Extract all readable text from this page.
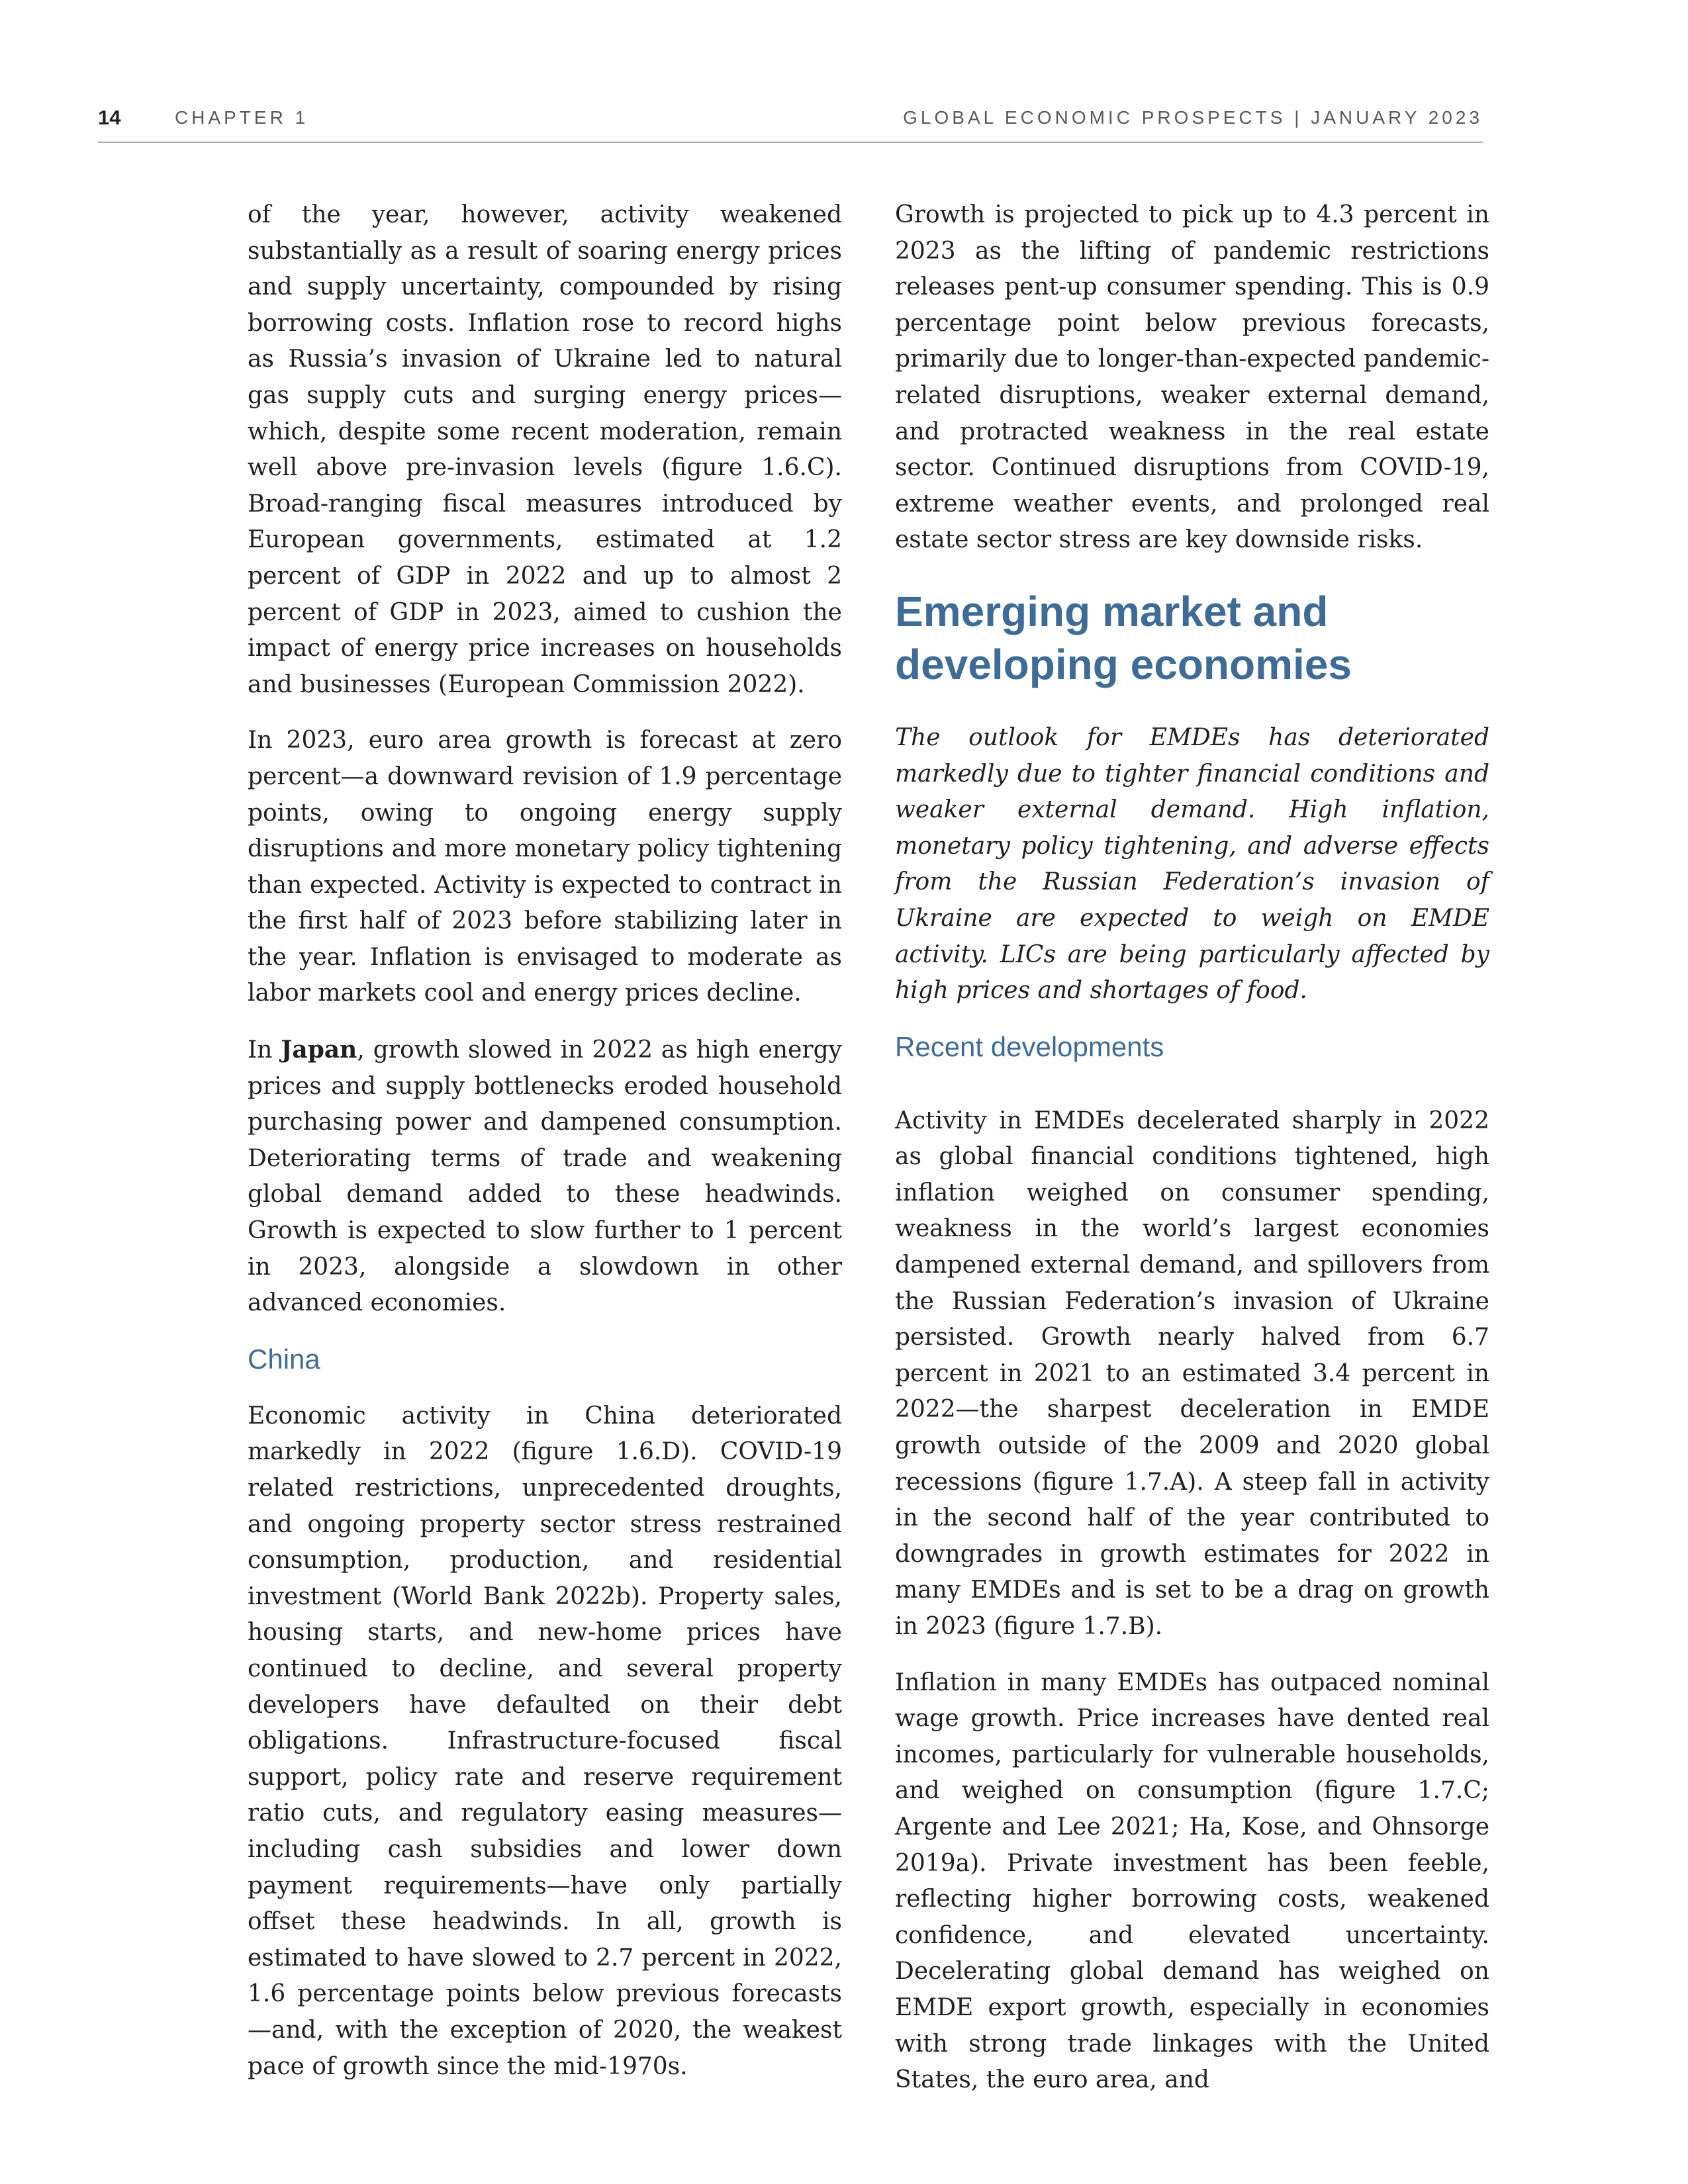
14	CHAPTER 1	GLOBAL ECONOMIC PROSPECTS | JANUARY 2023

of the year, however, activity weakened substantially as a result of soaring energy prices and supply uncertainty, compounded by rising borrowing costs. Inflation rose to record highs as Russia’s invasion of Ukraine led to natural gas supply cuts and surging energy prices—which, despite some recent moderation, remain well above pre-invasion levels (figure 1.6.C). Broad-ranging fiscal measures introduced by European governments, estimated at 1.2 percent of GDP in 2022 and up to almost 2 percent of GDP in 2023, aimed to cushion the impact of energy price increases on households and businesses (European Commission 2022).

In 2023, euro area growth is forecast at zero percent—a downward revision of 1.9 percentage points, owing to ongoing energy supply disruptions and more monetary policy tightening than expected. Activity is expected to contract in the first half of 2023 before stabilizing later in the year. Inflation is envisaged to moderate as labor markets cool and energy prices decline.

In Japan, growth slowed in 2022 as high energy prices and supply bottlenecks eroded household purchasing power and dampened consumption. Deteriorating terms of trade and weakening global demand added to these headwinds. Growth is expected to slow further to 1 percent in 2023, alongside a slowdown in other advanced economies.

China

Economic activity in China deteriorated markedly in 2022 (figure 1.6.D). COVID-19 related restrictions, unprecedented droughts, and ongoing property sector stress restrained consumption, production, and residential investment (World Bank 2022b). Property sales, housing starts, and new-home prices have continued to decline, and several property developers have defaulted on their debt obligations. Infrastructure-focused fiscal support, policy rate and reserve requirement ratio cuts, and regulatory easing measures—including cash subsidies and lower down payment requirements—have only partially offset these headwinds. In all, growth is estimated to have slowed to 2.7 percent in 2022, 1.6 percentage points below previous forecasts—and, with the exception of 2020, the weakest pace of growth since the mid-1970s.

Growth is projected to pick up to 4.3 percent in 2023 as the lifting of pandemic restrictions releases pent-up consumer spending. This is 0.9 percentage point below previous forecasts, primarily due to longer-than-expected pandemic-related disruptions, weaker external demand, and protracted weakness in the real estate sector. Continued disruptions from COVID-19, extreme weather events, and prolonged real estate sector stress are key downside risks.

Emerging market and developing economies

The outlook for EMDEs has deteriorated markedly due to tighter financial conditions and weaker external demand. High inflation, monetary policy tightening, and adverse effects from the Russian Federation’s invasion of Ukraine are expected to weigh on EMDE activity. LICs are being particularly affected by high prices and shortages of food.

Recent developments

Activity in EMDEs decelerated sharply in 2022 as global financial conditions tightened, high inflation weighed on consumer spending, weakness in the world’s largest economies dampened external demand, and spillovers from the Russian Federation’s invasion of Ukraine persisted. Growth nearly halved from 6.7 percent in 2021 to an estimated 3.4 percent in 2022—the sharpest deceleration in EMDE growth outside of the 2009 and 2020 global recessions (figure 1.7.A). A steep fall in activity in the second half of the year contributed to downgrades in growth estimates for 2022 in many EMDEs and is set to be a drag on growth in 2023 (figure 1.7.B).

Inflation in many EMDEs has outpaced nominal wage growth. Price increases have dented real incomes, particularly for vulnerable households, and weighed on consumption (figure 1.7.C; Argente and Lee 2021; Ha, Kose, and Ohnsorge 2019a). Private investment has been feeble, reflecting higher borrowing costs, weakened confidence, and elevated uncertainty. Decelerating global demand has weighed on EMDE export growth, especially in economies with strong trade linkages with the United States, the euro area, and
